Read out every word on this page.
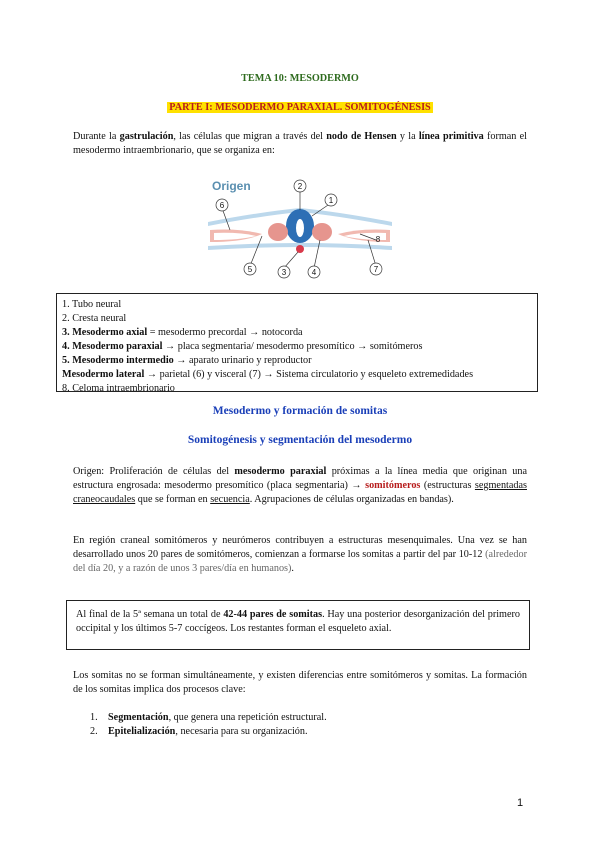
TEMA 10: MESODERMO
PARTE I: MESODERMO PARAXIAL. SOMITOGÉNESIS

Durante la gastrulación, las células que migran a través del nodo de Hensen y la línea primitiva forman el mesodermo intraembrionario, que se organiza en:

Origen	2
1
3	4
5
6
7
8
1. Tubo neural
2. Cresta neural
3. Mesodermo axial = mesodermo precordal → notocorda
4. Mesodermo paraxial → placa segmentaria/ mesodermo presomítico → somitómeros
5. Mesodermo intermedio → aparato urinario y reproductor
Mesodermo lateral → parietal (6) y visceral (7) → Sistema circulatorio y esqueleto extremedidades
8. Celoma intraembrionario
Mesodermo y formación de somitas
Somitogénesis y segmentación del mesodermo

Origen: Proliferación de células del mesodermo paraxial próximas a la línea media que originan una estructura engrosada: mesodermo presomítico (placa segmentaria) → somitómeros (estructuras segmentadas craneocaudales que se forman en secuencia. Agrupaciones de células organizadas en bandas).

En región craneal somitómeros y neurómeros contribuyen a estructuras mesenquimales. Una vez se han desarrollado unos 20 pares de somitómeros, comienzan a formarse los somitas a partir del par 10-12 (alrededor del día 20, y a razón de unos 3 pares/día en humanos).

Al final de la 5ª semana un total de 42-44 pares de somitas. Hay una posterior desorganización del primero occipital y los últimos 5-7 coccígeos. Los restantes forman el esqueleto axial.

Los somitas no se forman simultáneamente, y existen diferencias entre somitómeros y somitas. La formación de los somitas implica dos procesos clave:

1. Segmentación, que genera una repetición estructural.
2. Epitelialización, necesaria para su organización.
1
